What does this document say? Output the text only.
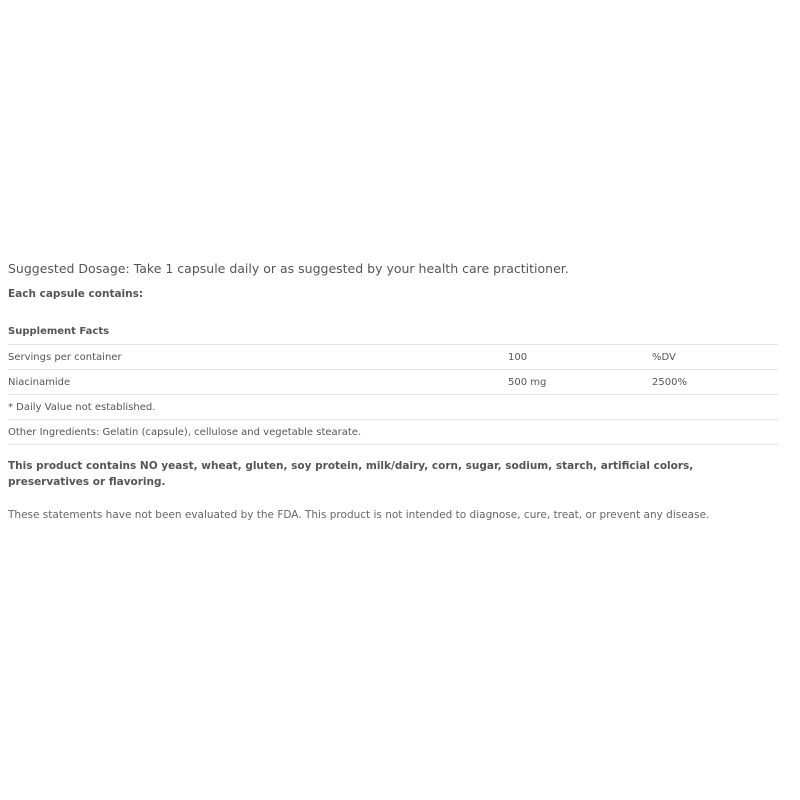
Suggested Dosage: Take 1 capsule daily or as suggested by your health care practitioner.
Each capsule contains:
Supplement Facts
Servings per container	100	%DV
Niacinamide	500 mg	2500%
* Daily Value not established.		
Other Ingredients: Gelatin (capsule), cellulose and vegetable stearate.		
This product contains NO yeast, wheat, gluten, soy protein, milk/dairy, corn, sugar, sodium, starch, artificial colors, preservatives or flavoring.
These statements have not been evaluated by the FDA. This product is not intended to diagnose, cure, treat, or prevent any disease.
